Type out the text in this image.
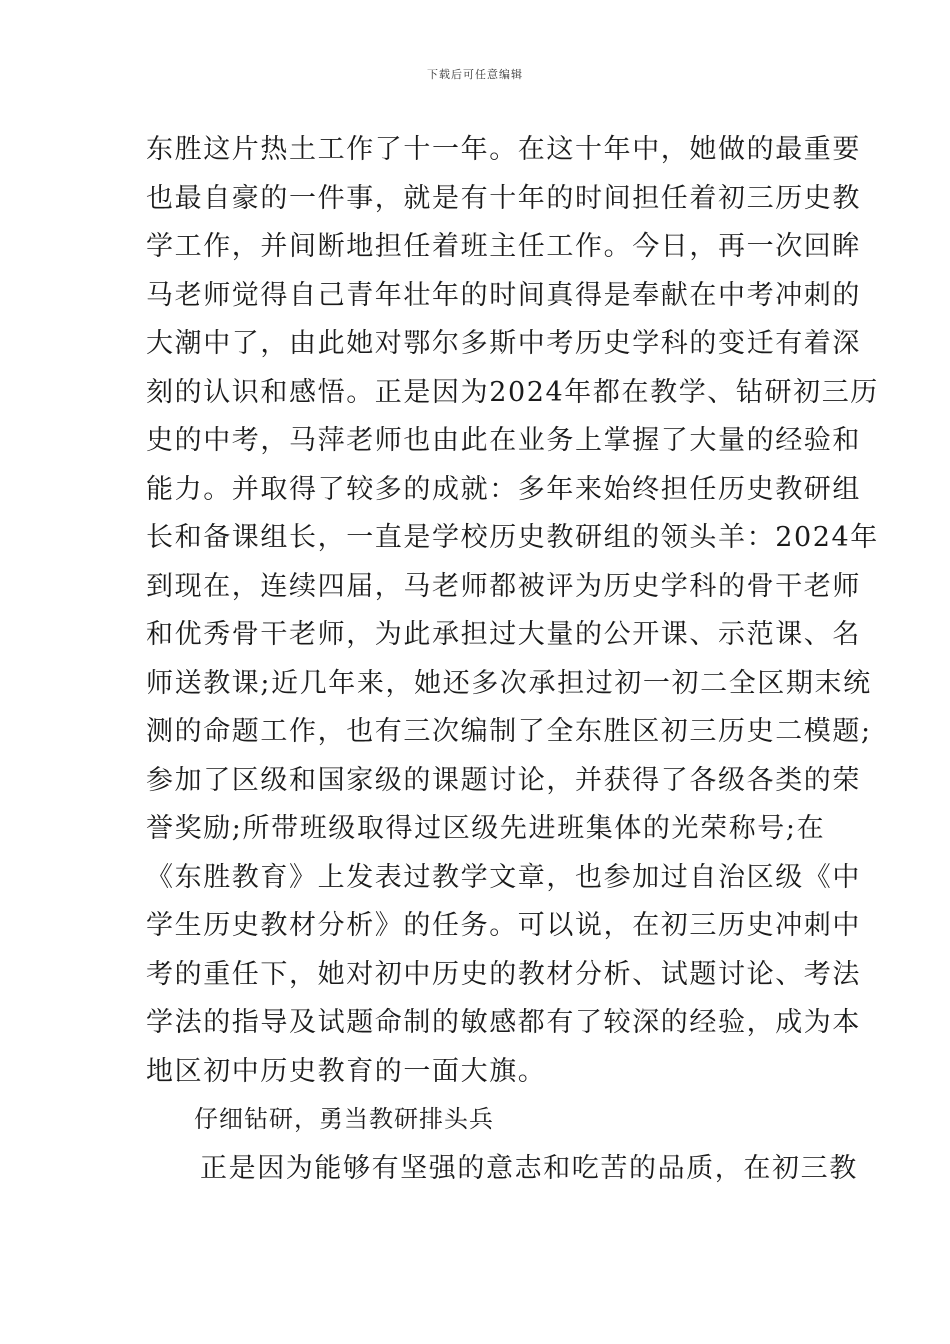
下载后可任意编辑
东胜这片热土工作了十一年。在这十年中，她做的最重要
也最自豪的一件事，就是有十年的时间担任着初三历史教
学工作，并间断地担任着班主任工作。今日，再一次回眸
马老师觉得自己青年壮年的时间真得是奉献在中考冲刺的
大潮中了，由此她对鄂尔多斯中考历史学科的变迁有着深
刻的认识和感悟。正是因为2024年都在教学、钻研初三历
史的中考，马萍老师也由此在业务上掌握了大量的经验和
能力。并取得了较多的成就：多年来始终担任历史教研组
长和备课组长，一直是学校历史教研组的领头羊：2024年
到现在，连续四届，马老师都被评为历史学科的骨干老师
和优秀骨干老师，为此承担过大量的公开课、示范课、名
师送教课;近几年来，她还多次承担过初一初二全区期末统
测的命题工作，也有三次编制了全东胜区初三历史二模题;
参加了区级和国家级的课题讨论，并获得了各级各类的荣
誉奖励;所带班级取得过区级先进班集体的光荣称号;在
《东胜教育》上发表过教学文章，也参加过自治区级《中
学生历史教材分析》的任务。可以说，在初三历史冲刺中
考的重任下，她对初中历史的教材分析、试题讨论、考法
学法的指导及试题命制的敏感都有了较深的经验，成为本
地区初中历史教育的一面大旗。
仔细钻研，勇当教研排头兵
正是因为能够有坚强的意志和吃苦的品质，在初三教
